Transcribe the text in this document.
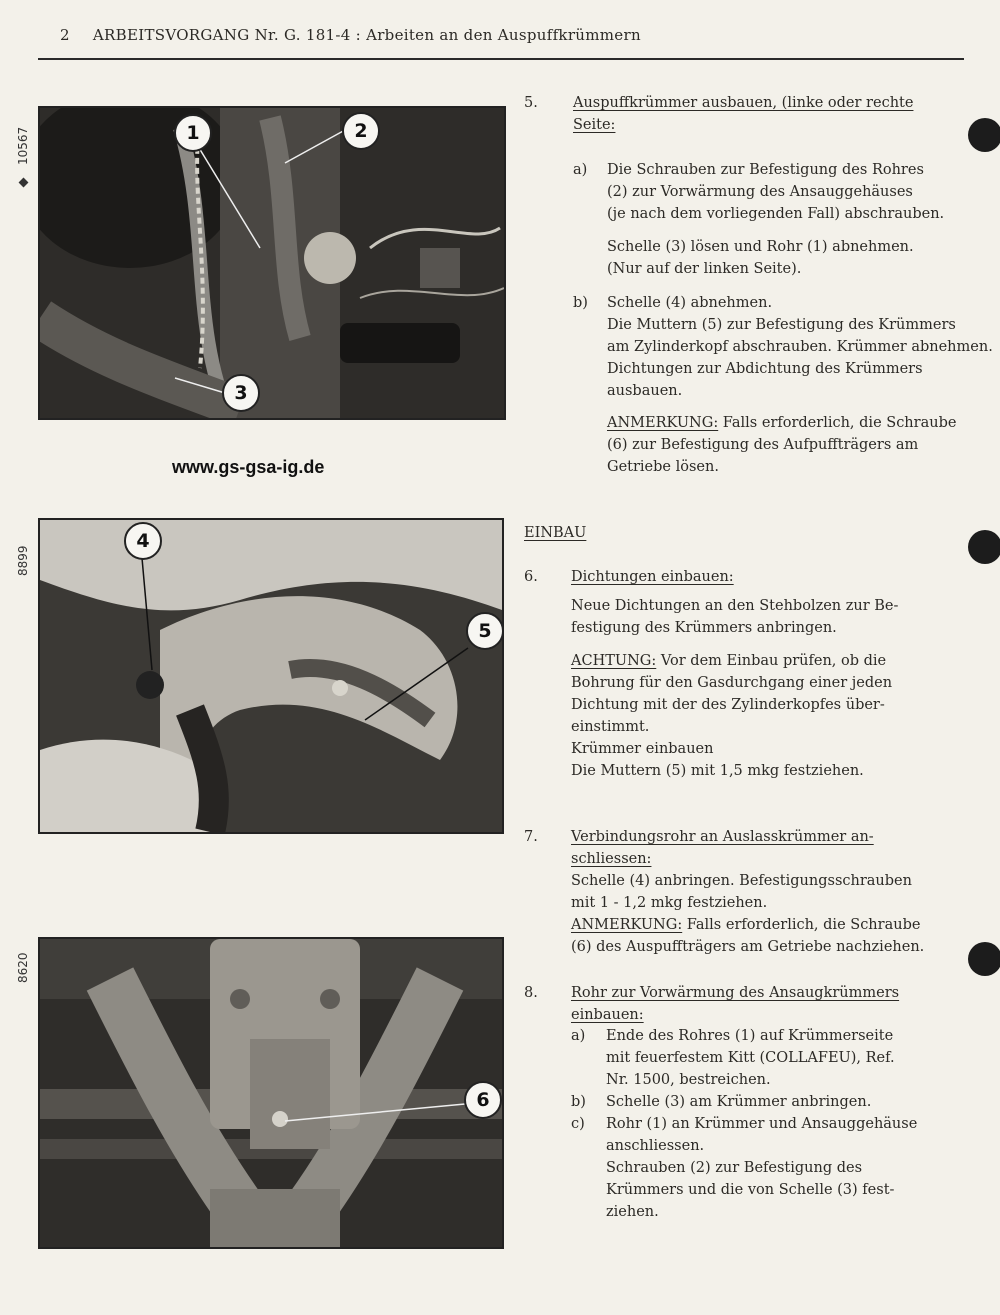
2 ARBEITSVORGANG Nr. G. 181-4 : Arbeiten an den Auspuffkrümmern
10567
8899
8620
1	2
3
www.gs-gsa-ig.de
4
5
6
5. Auspuffkrümmer ausbauen, (linke oder rechte
Seite:
a) Die Schrauben zur Befestigung des Rohres
(2) zur Vorwärmung des Ansauggehäuses
(je nach dem vorliegenden Fall) abschrauben.
Schelle (3) lösen und Rohr (1) abnehmen.
(Nur auf der linken Seite).
b) Schelle (4) abnehmen.
Die Muttern (5) zur Befestigung des Krümmers
am Zylinderkopf abschrauben. Krümmer abnehmen.
Dichtungen zur Abdichtung des Krümmers
ausbauen.
ANMERKUNG: Falls erforderlich, die Schraube
(6) zur Befestigung des Aufpuffträgers am
Getriebe lösen.
EINBAU
6. Dichtungen einbauen:
Neue Dichtungen an den Stehbolzen zur Be-
festigung des Krümmers anbringen.
ACHTUNG: Vor dem Einbau prüfen, ob die
Bohrung für den Gasdurchgang einer jeden
Dichtung mit der des Zylinderkopfes über-
einstimmt.
Krümmer einbauen
Die Muttern (5) mit 1,5 mkg festziehen.
7. Verbindungsrohr an Auslasskrümmer an-
schliessen:
Schelle (4) anbringen. Befestigungsschrauben
mit 1 - 1,2 mkg festziehen.
ANMERKUNG: Falls erforderlich, die Schraube
(6) des Auspuffträgers am Getriebe nachziehen.
8. Rohr zur Vorwärmung des Ansaugkrümmers
einbauen:
a) Ende des Rohres (1) auf Krümmerseite
mit feuerfestem Kitt (COLLAFEU), Ref.
Nr. 1500, bestreichen.
b) Schelle (3) am Krümmer anbringen.
c) Rohr (1) an Krümmer und Ansauggehäuse
anschliessen.
Schrauben (2) zur Befestigung des
Krümmers und die von Schelle (3) fest-
ziehen.
